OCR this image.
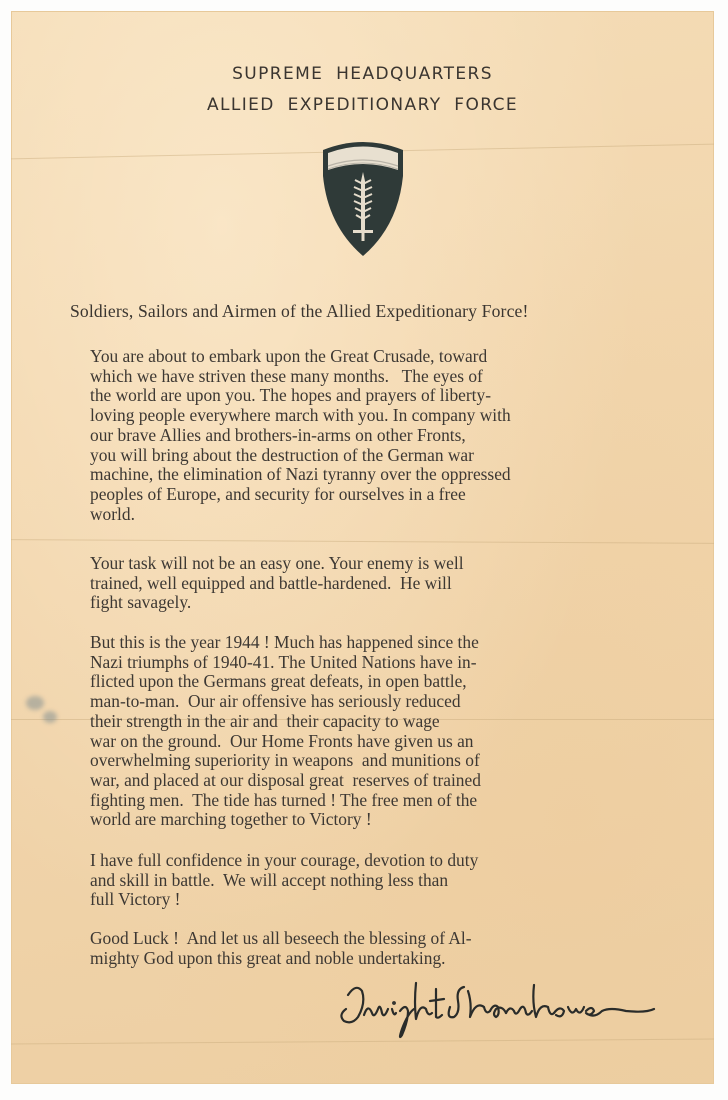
SUPREME HEADQUARTERS
ALLIED EXPEDITIONARY FORCE
Soldiers, Sailors and Airmen of the Allied Expeditionary Force!
You are about to embark upon the Great Crusade, toward
which we have striven these many months.   The eyes of
the world are upon you. The hopes and prayers of liberty-
loving people everywhere march with you. In company with
our brave Allies and brothers-in-arms on other Fronts,
you will bring about the destruction of the German war
machine, the elimination of Nazi tyranny over the oppressed
peoples of Europe, and security for ourselves in a free
world.
Your task will not be an easy one. Your enemy is well
trained, well equipped and battle-hardened.  He will
fight savagely.
But this is the year 1944 ! Much has happened since the
Nazi triumphs of 1940-41. The United Nations have in-
flicted upon the Germans great defeats, in open battle,
man-to-man.  Our air offensive has seriously reduced
their strength in the air and  their capacity to wage
war on the ground.  Our Home Fronts have given us an
overwhelming superiority in weapons  and munitions of
war, and placed at our disposal great  reserves of trained
fighting men.  The tide has turned ! The free men of the
world are marching together to Victory !
I have full confidence in your courage, devotion to duty
and skill in battle.  We will accept nothing less than
full Victory !
Good Luck !  And let us all beseech the blessing of Al-
mighty God upon this great and noble undertaking.
